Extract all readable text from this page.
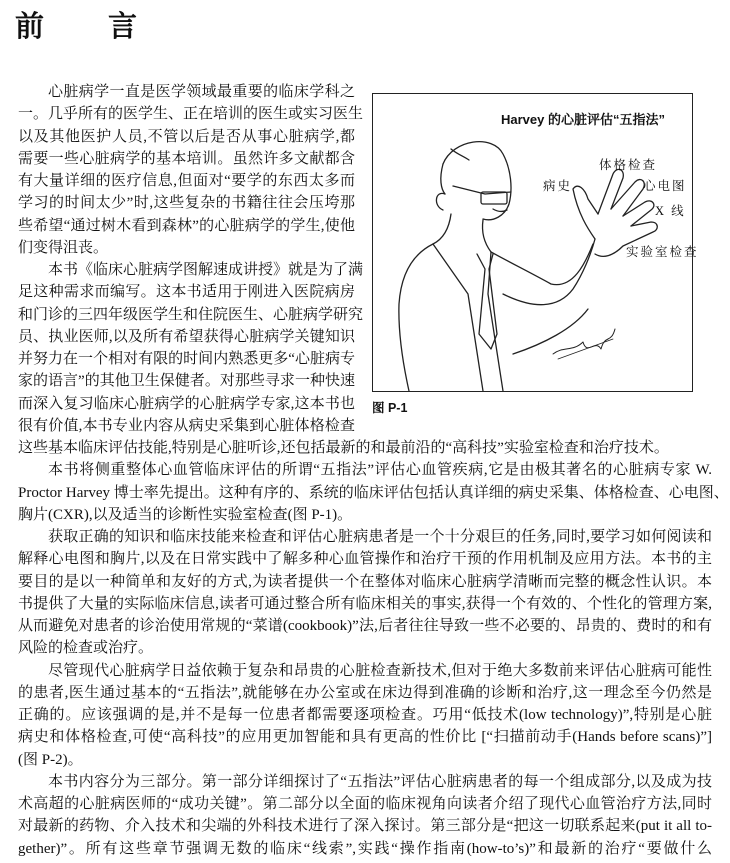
前 言
心脏病学一直是医学领域最重要的临床学科之
一。几乎所有的医学生、正在培训的医生或实习医生
以及其他医护人员,不管以后是否从事心脏病学,都
需要一些心脏病学的基本培训。虽然许多文献都含
有大量详细的医疗信息,但面对“要学的东西太多而
学习的时间太少”时,这些复杂的书籍往往会压垮那
些希望“通过树木看到森林”的心脏病学的学生,使他
们变得沮丧。
本书《临床心脏病学图解速成讲授》就是为了满
足这种需求而编写。这本书适用于刚进入医院病房
和门诊的三四年级医学生和住院医生、心脏病学研究
员、执业医师,以及所有希望获得心脏病学关键知识
并努力在一个相对有限的时间内熟悉更多“心脏病专
家的语言”的其他卫生保健者。对那些寻求一种快速
而深入复习临床心脏病学的心脏病学专家,这本书也
很有价值,本书专业内容从病史采集到心脏体格检查
这些基本临床评估技能,特别是心脏听诊,还包括最新的和最前沿的“高科技”实验室检查和治疗技术。
本书将侧重整体心血管临床评估的所谓“五指法”评估心血管疾病,它是由极其著名的心脏病专家 W.
Proctor Harvey 博士率先提出。这种有序的、系统的临床评估包括认真详细的病史采集、体格检查、心电图、
胸片(CXR),以及适当的诊断性实验室检查(图 P-1)。
获取正确的知识和临床技能来检查和评估心脏病患者是一个十分艰巨的任务,同时,要学习如何阅读和
解释心电图和胸片,以及在日常实践中了解多种心血管操作和治疗干预的作用机制及应用方法。本书的主
要目的是以一种简单和友好的方式,为读者提供一个在整体对临床心脏病学清晰而完整的概念性认识。本
书提供了大量的实际临床信息,读者可通过整合所有临床相关的事实,获得一个有效的、个性化的管理方案,
从而避免对患者的诊治使用常规的“菜谱(cookbook)”法,后者往往导致一些不必要的、昂贵的、费时的和有
风险的检查或治疗。
尽管现代心脏病学日益依赖于复杂和昂贵的心脏检查新技术,但对于绝大多数前来评估心脏病可能性
的患者,医生通过基本的“五指法”,就能够在办公室或在床边得到准确的诊断和治疗,这一理念至今仍然是
正确的。应该强调的是,并不是每一位患者都需要逐项检查。巧用“低技术(low technology)”,特别是心脏
病史和体格检查,可使“高科技”的应用更加智能和具有更高的性价比 [“扫描前动手(Hands before scans)”]
(图 P-2)。
本书内容分为三部分。第一部分详细探讨了“五指法”评估心脏病患者的每一个组成部分,以及成为技
术高超的心脏病医师的“成功关键”。第二部分以全面的临床视角向读者介绍了现代心血管治疗方法,同时
对最新的药物、介入技术和尖端的外科技术进行了深入探讨。第三部分是“把这一切联系起来(put it all to-
gether)”。所有这些章节强调无数的临床“线索”,实践“操作指南(how-to’s)”和最新的治疗“要做什么
Harvey 的心脏评估“五指法”
病史
体格检查
心电图
X 线
实验室检查
图 P-1
